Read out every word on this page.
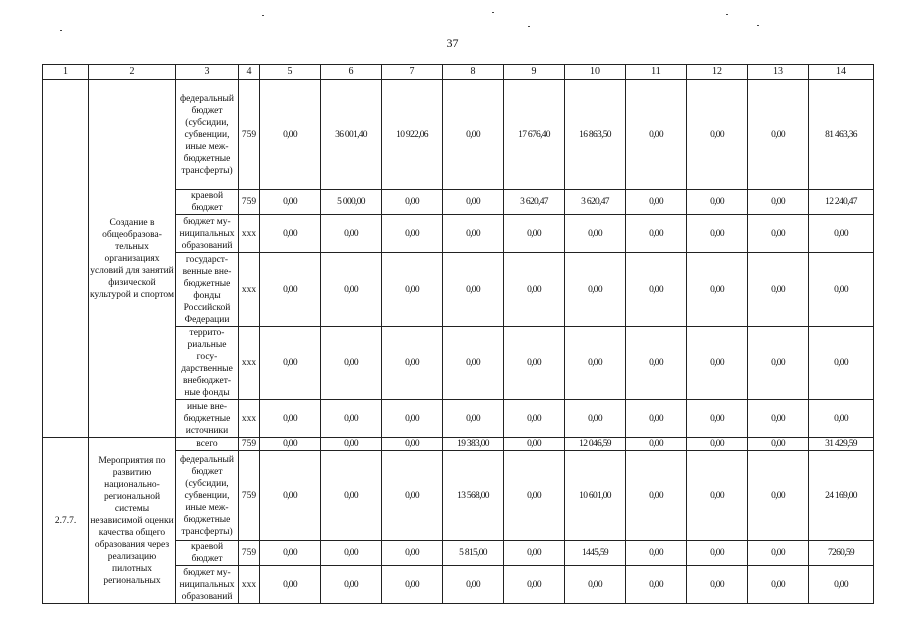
37
1	2	3	4	5	6	7	8	9	10	11	12	13	14
	Создание в общеобразова-тельных организациях условий для занятий физической культурой и спортом	федеральный бюджет (субсидии, субвенции, иные меж-бюджетные трансферты)	759	0,00	36 001,40	10 922,06	0,00	17 676,40	16 863,50	0,00	0,00	0,00	81 463,36
		краевой бюджет	759	0,00	5 000,00	0,00	0,00	3 620,47	3 620,47	0,00	0,00	0,00	12 240,47
		бюджет му-ниципальных образований	xxx	0,00	0,00	0,00	0,00	0,00	0,00	0,00	0,00	0,00	0,00
		государст-венные вне-бюджетные фонды Российской Федерации	xxx	0,00	0,00	0,00	0,00	0,00	0,00	0,00	0,00	0,00	0,00
		террито-риальные госу-дарственные внебюджет-ные фонды	xxx	0,00	0,00	0,00	0,00	0,00	0,00	0,00	0,00	0,00	0,00
		иные вне-бюджетные источники	xxx	0,00	0,00	0,00	0,00	0,00	0,00	0,00	0,00	0,00	0,00
2.7.7.	Мероприятия по развитию национально-региональной системы независимой оценки качества общего образования через реализацию пилотных региональных	всего	759	0,00	0,00	0,00	19 383,00	0,00	12 046,59	0,00	0,00	0,00	31 429,59
		федеральный бюджет (субсидии, субвенции, иные меж-бюджетные трансферты)	759	0,00	0,00	0,00	13 568,00	0,00	10 601,00	0,00	0,00	0,00	24 169,00
		краевой бюджет	759	0,00	0,00	0,00	5 815,00	0,00	1445,59	0,00	0,00	0,00	7260,59
		бюджет му-ниципальных образований	xxx	0,00	0,00	0,00	0,00	0,00	0,00	0,00	0,00	0,00	0,00
